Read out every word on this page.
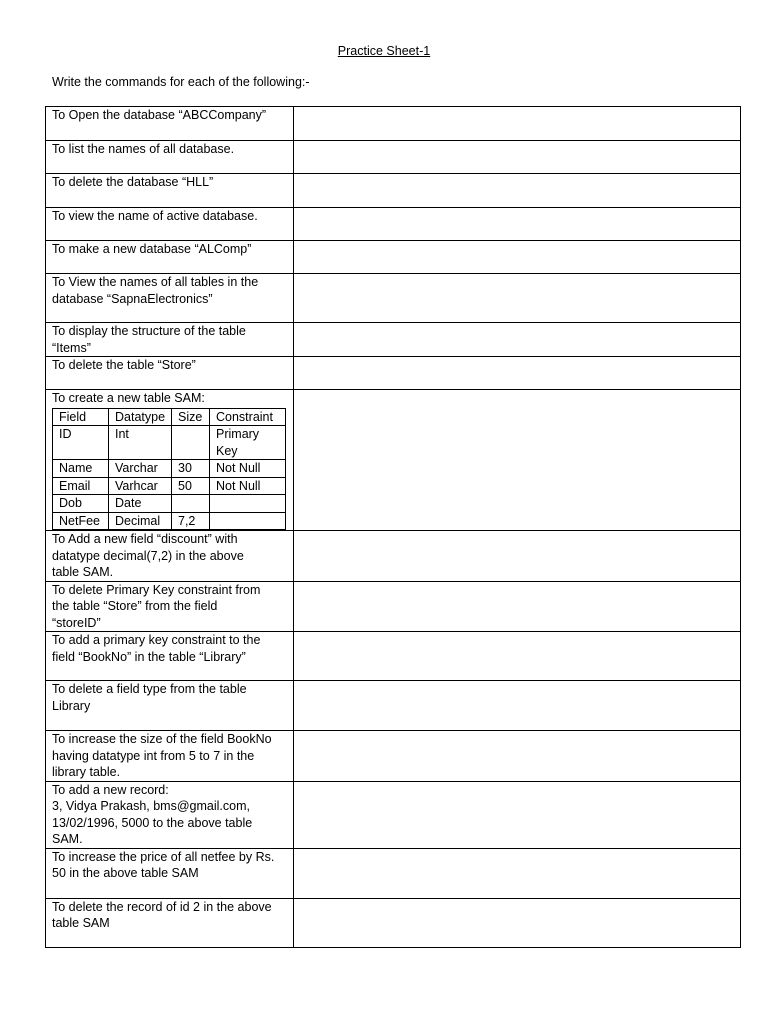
Practice Sheet-1
Write the commands for each of the following:-
To Open the database “ABCCompany”

To list the names of all database.

To delete the database “HLL”

To view the name of active database.

To make a new database “ALComp”

To View the names of all tables in the
database “SapnaElectronics”

To display the structure of the table
“Items”

To delete the table “Store”

To create a new table SAM:
Field	Datatype	Size	Constraint
ID	Int		Primary
Key
Name	Varchar	30	Not Null
Email	Varhcar	50	Not Null
Dob	Date		
NetFee	Decimal	7,2	

To Add a new field “discount” with
datatype decimal(7,2) in the above
table SAM.

To delete Primary Key constraint from
the table “Store” from the field
“storeID”

To add a primary key constraint to the
field “BookNo” in the table “Library”

To delete a field type from the table
Library

To increase the size of the field BookNo
having datatype int from 5 to 7 in the
library table.

To add a new record:
3, Vidya Prakash, bms@gmail.com,
13/02/1996, 5000 to the above table
SAM.

To increase the price of all netfee by Rs.
50 in the above table SAM

To delete the record of id 2 in the above
table SAM
